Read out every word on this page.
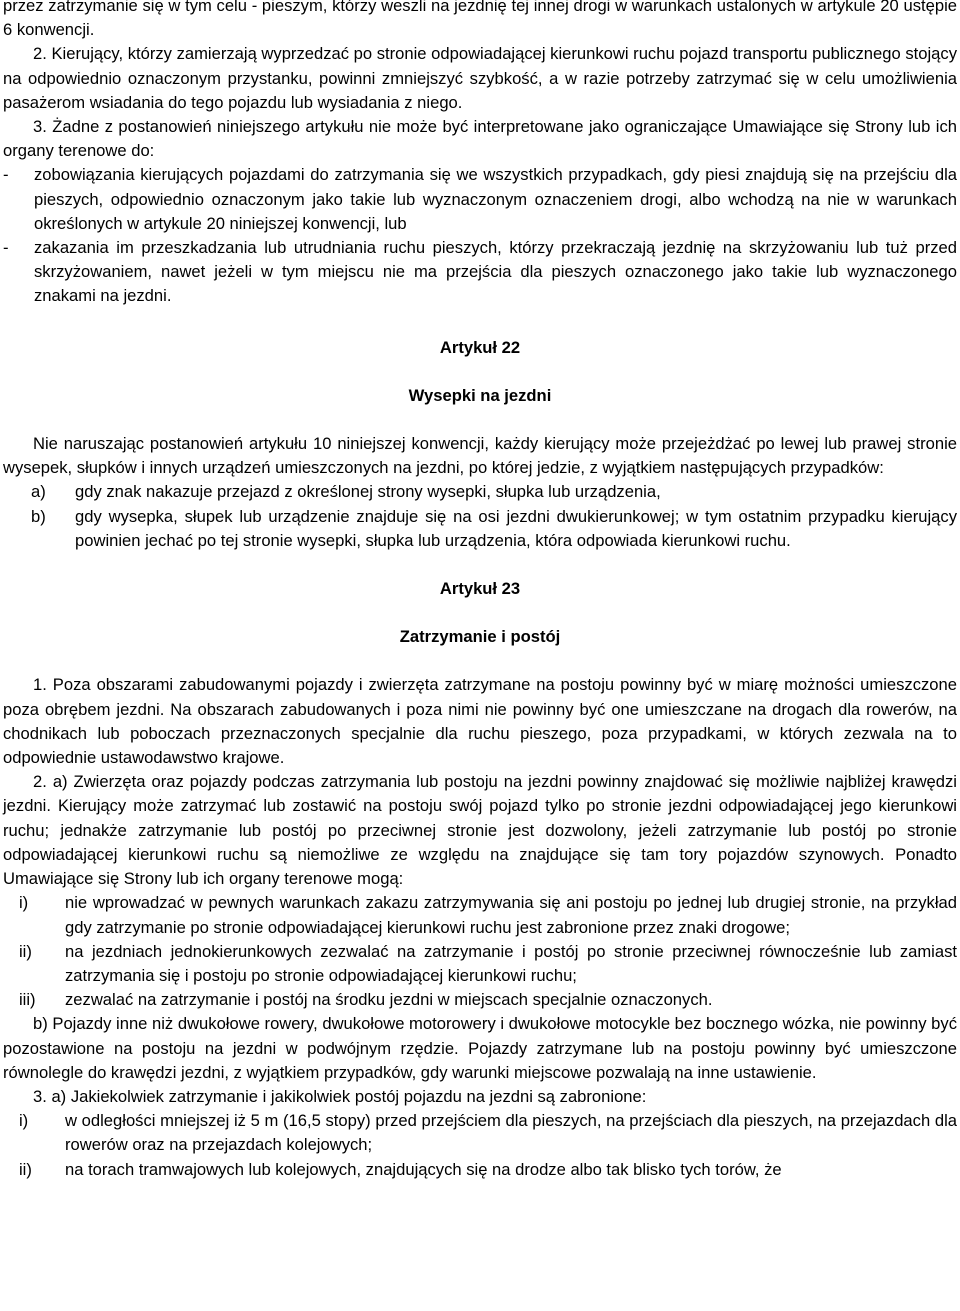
przez zatrzymanie się w tym celu - pieszym, którzy weszli na jezdnię tej innej drogi w warunkach ustalonych w artykule 20 ustępie 6 konwencji.

2. Kierujący, którzy zamierzają wyprzedzać po stronie odpowiadającej kierunkowi ruchu pojazd transportu publicznego stojący na odpowiednio oznaczonym przystanku, powinni zmniejszyć szybkość, a w razie potrzeby zatrzymać się w celu umożliwienia pasażerom wsiadania do tego pojazdu lub wysiadania z niego.

3. Żadne z postanowień niniejszego artykułu nie może być interpretowane jako ograniczające Umawiające się Strony lub ich organy terenowe do:

-	zobowiązania kierujących pojazdami do zatrzymania się we wszystkich przypadkach, gdy piesi znajdują się na przejściu dla pieszych, odpowiednio oznaczonym jako takie lub wyznaczonym oznaczeniem drogi, albo wchodzą na nie w warunkach określonych w artykule 20 niniejszej konwencji, lub
-	zakazania im przeszkadzania lub utrudniania ruchu pieszych, którzy przekraczają jezdnię na skrzyżowaniu lub tuż przed skrzyżowaniem, nawet jeżeli w tym miejscu nie ma przejścia dla pieszych oznaczonego jako takie lub wyznaczonego znakami na jezdni.

Artykuł 22

Wysepki na jezdni

Nie naruszając postanowień artykułu 10 niniejszej konwencji, każdy kierujący może przejeżdżać po lewej lub prawej stronie wysepek, słupków i innych urządzeń umieszczonych na jezdni, po której jedzie, z wyjątkiem następujących przypadków:

a)	gdy znak nakazuje przejazd z określonej strony wysepki, słupka lub urządzenia,
b)	gdy wysepka, słupek lub urządzenie znajduje się na osi jezdni dwukierunkowej; w tym ostatnim przypadku kierujący powinien jechać po tej stronie wysepki, słupka lub urządzenia, która odpowiada kierunkowi ruchu.

Artykuł 23

Zatrzymanie i postój

1. Poza obszarami zabudowanymi pojazdy i zwierzęta zatrzymane na postoju powinny być w miarę możności umieszczone poza obrębem jezdni. Na obszarach zabudowanych i poza nimi nie powinny być one umieszczane na drogach dla rowerów, na chodnikach lub poboczach przeznaczonych specjalnie dla ruchu pieszego, poza przypadkami, w których zezwala na to odpowiednie ustawodawstwo krajowe.

2. a) Zwierzęta oraz pojazdy podczas zatrzymania lub postoju na jezdni powinny znajdować się możliwie najbliżej krawędzi jezdni. Kierujący może zatrzymać lub zostawić na postoju swój pojazd tylko po stronie jezdni odpowiadającej jego kierunkowi ruchu; jednakże zatrzymanie lub postój po przeciwnej stronie jest dozwolony, jeżeli zatrzymanie lub postój po stronie odpowiadającej kierunkowi ruchu są niemożliwe ze względu na znajdujące się tam tory pojazdów szynowych. Ponadto Umawiające się Strony lub ich organy terenowe mogą:

i)	nie wprowadzać w pewnych warunkach zakazu zatrzymywania się ani postoju po jednej lub drugiej stronie, na przykład gdy zatrzymanie po stronie odpowiadającej kierunkowi ruchu jest zabronione przez znaki drogowe;
ii)	na jezdniach jednokierunkowych zezwalać na zatrzymanie i postój po stronie przeciwnej równocześnie lub zamiast zatrzymania się i postoju po stronie odpowiadającej kierunkowi ruchu;
iii)	zezwalać na zatrzymanie i postój na środku jezdni w miejscach specjalnie oznaczonych.

b) Pojazdy inne niż dwukołowe rowery, dwukołowe motorowery i dwukołowe motocykle bez bocznego wózka, nie powinny być pozostawione na postoju na jezdni w podwójnym rzędzie. Pojazdy zatrzymane lub na postoju powinny być umieszczone równolegle do krawędzi jezdni, z wyjątkiem przypadków, gdy warunki miejscowe pozwalają na inne ustawienie.

3. a) Jakiekolwiek zatrzymanie i jakikolwiek postój pojazdu na jezdni są zabronione:

i)	w odległości mniejszej iż 5 m (16,5 stopy) przed przejściem dla pieszych, na przejściach dla pieszych, na przejazdach dla rowerów oraz na przejazdach kolejowych;
ii)	na torach tramwajowych lub kolejowych, znajdujących się na drodze albo tak blisko tych torów, że
